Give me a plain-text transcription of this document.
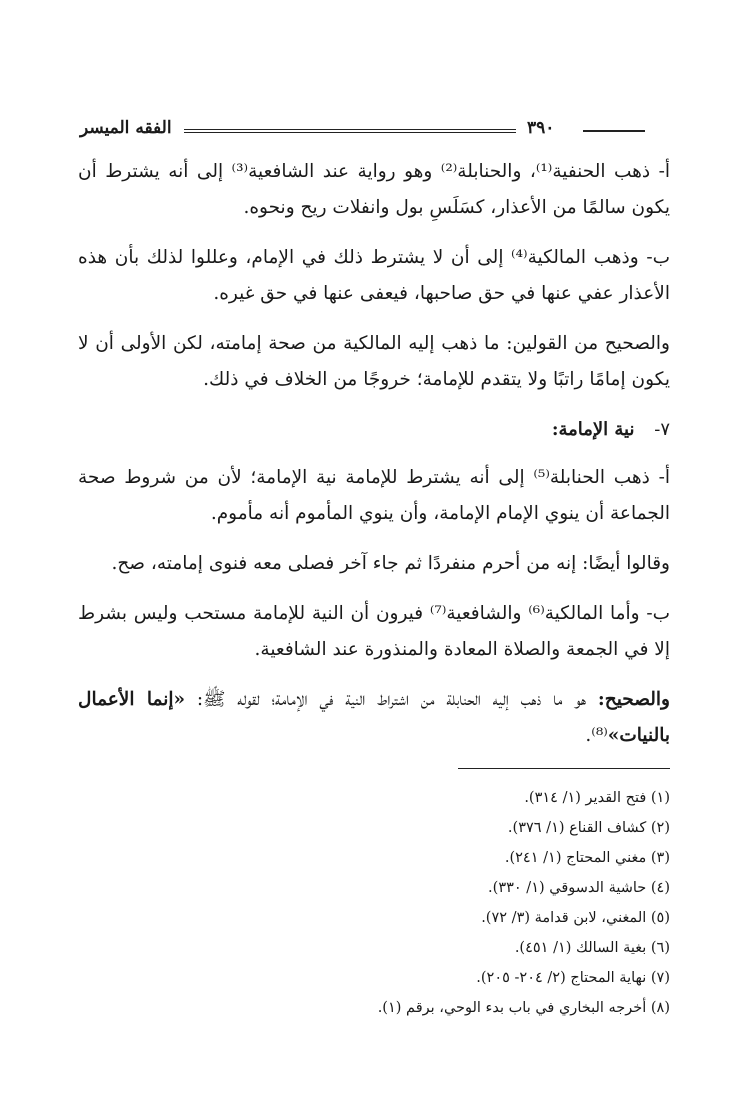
الفقه الميسر	٣٩٠

أ- ذهب الحنفية⁽¹⁾، والحنابلة⁽²⁾ وهو رواية عند الشافعية⁽³⁾ إلى أنه يشترط أن يكون سالمًا من الأعذار، كسَلَسِ بول وانفلات ريح ونحوه.

ب- وذهب المالكية⁽⁴⁾ إلى أن لا يشترط ذلك في الإمام، وعللوا لذلك بأن هذه الأعذار عفي عنها في حق صاحبها، فيعفى عنها في حق غيره.

والصحيح من القولين: ما ذهب إليه المالكية من صحة إمامته، لكن الأولى أن لا يكون إمامًا راتبًا ولا يتقدم للإمامة؛ خروجًا من الخلاف في ذلك.

٧- نية الإمامة:

أ- ذهب الحنابلة⁽⁵⁾ إلى أنه يشترط للإمامة نية الإمامة؛ لأن من شروط صحة الجماعة أن ينوي الإمام الإمامة، وأن ينوي المأموم أنه مأموم.

وقالوا أيضًا: إنه من أحرم منفردًا ثم جاء آخر فصلى معه فنوى إمامته، صح.

ب- وأما المالكية⁽⁶⁾ والشافعية⁽⁷⁾ فيرون أن النية للإمامة مستحب وليس بشرط إلا في الجمعة والصلاة المعادة والمنذورة عند الشافعية.

والصحيح: هو ما ذهب إليه الحنابلة من اشتراط النية في الإمامة؛ لقوله ﷺ: «إنما الأعمال بالنيات»⁽⁸⁾.

(١) فتح القدير (١/ ٣١٤).

(٢) كشاف القناع (١/ ٣٧٦).

(٣) مغني المحتاج (١/ ٢٤١).

(٤) حاشية الدسوقي (١/ ٣٣٠).

(٥) المغني، لابن قدامة (٣/ ٧٢).

(٦) بغية السالك (١/ ٤٥١).

(٧) نهاية المحتاج (٢/ ٢٠٤- ٢٠٥).

(٨) أخرجه البخاري في باب بدء الوحي، برقم (١).
